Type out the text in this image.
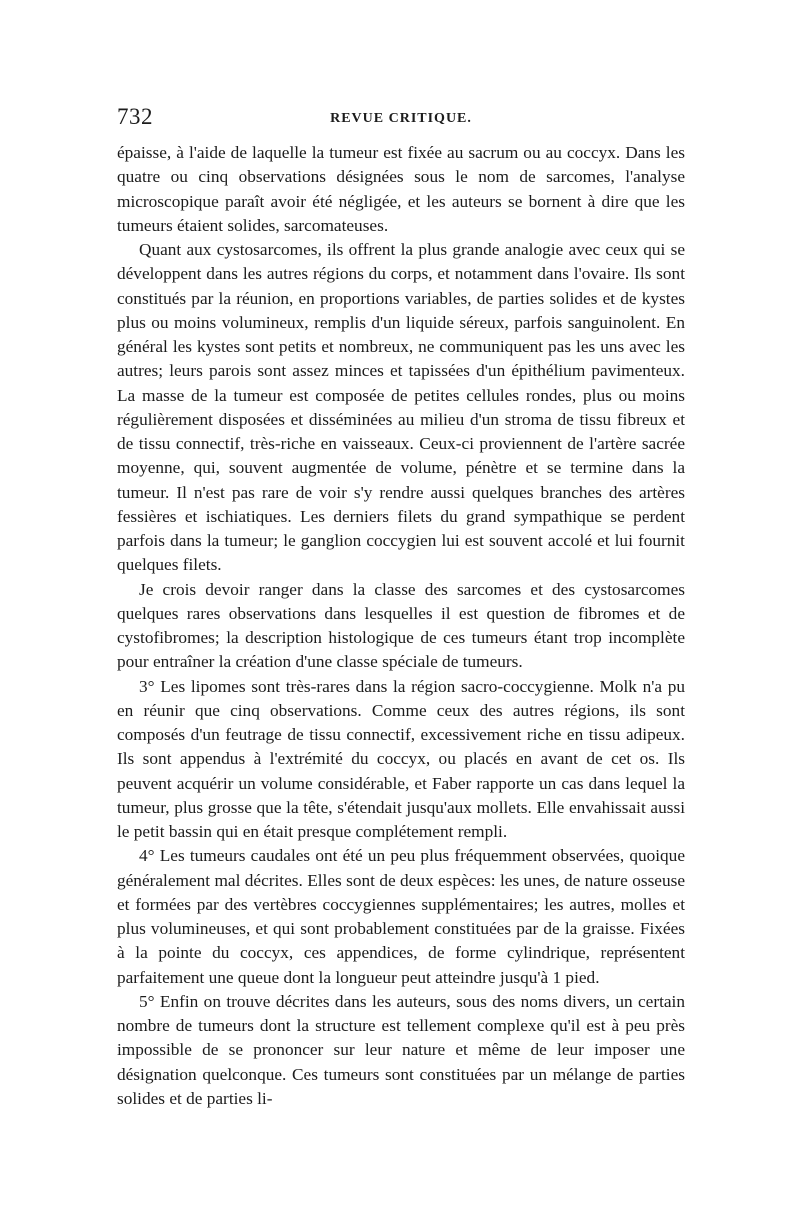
732	REVUE CRITIQUE.

épaisse, à l'aide de laquelle la tumeur est fixée au sacrum ou au coccyx. Dans les quatre ou cinq observations désignées sous le nom de sarcomes, l'analyse microscopique paraît avoir été négligée, et les auteurs se bornent à dire que les tumeurs étaient solides, sarcomateuses.

Quant aux cystosarcomes, ils offrent la plus grande analogie avec ceux qui se développent dans les autres régions du corps, et notamment dans l'ovaire. Ils sont constitués par la réunion, en proportions variables, de parties solides et de kystes plus ou moins volumineux, remplis d'un liquide séreux, parfois sanguinolent. En général les kystes sont petits et nombreux, ne communiquent pas les uns avec les autres; leurs parois sont assez minces et tapissées d'un épithélium pavimenteux. La masse de la tumeur est composée de petites cellules rondes, plus ou moins régulièrement disposées et disséminées au milieu d'un stroma de tissu fibreux et de tissu connectif, très-riche en vaisseaux. Ceux-ci proviennent de l'artère sacrée moyenne, qui, souvent augmentée de volume, pénètre et se termine dans la tumeur. Il n'est pas rare de voir s'y rendre aussi quelques branches des artères fessières et ischiatiques. Les derniers filets du grand sympathique se perdent parfois dans la tumeur; le ganglion coccygien lui est souvent accolé et lui fournit quelques filets.

Je crois devoir ranger dans la classe des sarcomes et des cystosarcomes quelques rares observations dans lesquelles il est question de fibromes et de cystofibromes; la description histologique de ces tumeurs étant trop incomplète pour entraîner la création d'une classe spéciale de tumeurs.

3° Les lipomes sont très-rares dans la région sacro-coccygienne. Molk n'a pu en réunir que cinq observations. Comme ceux des autres régions, ils sont composés d'un feutrage de tissu connectif, excessivement riche en tissu adipeux. Ils sont appendus à l'extrémité du coccyx, ou placés en avant de cet os. Ils peuvent acquérir un volume considérable, et Faber rapporte un cas dans lequel la tumeur, plus grosse que la tête, s'étendait jusqu'aux mollets. Elle envahissait aussi le petit bassin qui en était presque complétement rempli.

4° Les tumeurs caudales ont été un peu plus fréquemment observées, quoique généralement mal décrites. Elles sont de deux espèces: les unes, de nature osseuse et formées par des vertèbres coccygiennes supplémentaires; les autres, molles et plus volumineuses, et qui sont probablement constituées par de la graisse. Fixées à la pointe du coccyx, ces appendices, de forme cylindrique, représentent parfaitement une queue dont la longueur peut atteindre jusqu'à 1 pied.

5° Enfin on trouve décrites dans les auteurs, sous des noms divers, un certain nombre de tumeurs dont la structure est tellement complexe qu'il est à peu près impossible de se prononcer sur leur nature et même de leur imposer une désignation quelconque. Ces tumeurs sont constituées par un mélange de parties solides et de parties li-
